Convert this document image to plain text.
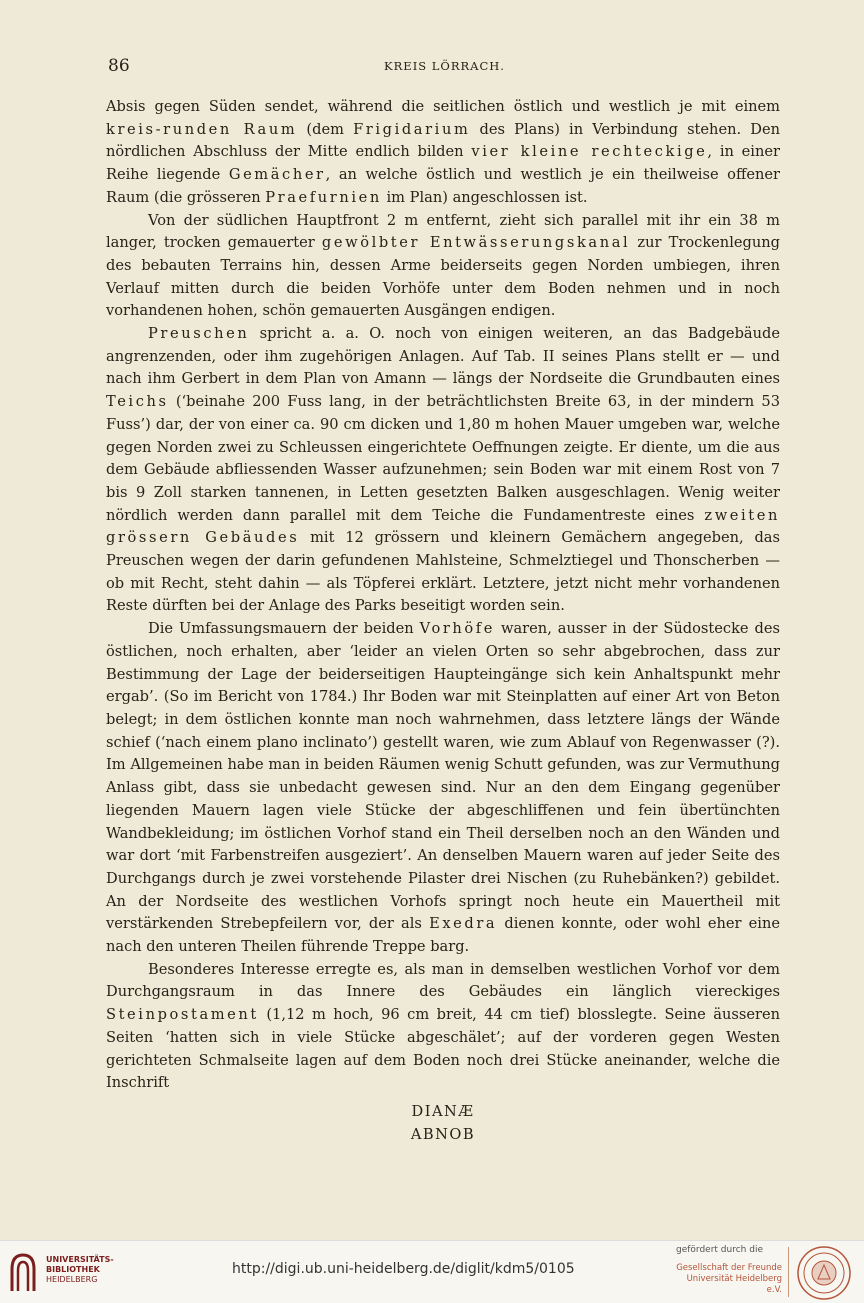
86	KREIS LÖRRACH.

Absis gegen Süden sendet, während die seitlichen östlich und westlich je mit einem kreis-runden Raum (dem Frigidarium des Plans) in Verbindung stehen. Den nördlichen Abschluss der Mitte endlich bilden vier kleine rechteckige, in einer Reihe liegende Gemächer, an welche östlich und westlich je ein theilweise offener Raum (die grösseren Praefurnien im Plan) angeschlossen ist.

Von der südlichen Hauptfront 2 m entfernt, zieht sich parallel mit ihr ein 38 m langer, trocken gemauerter gewölbter Entwässerungskanal zur Trockenlegung des bebauten Terrains hin, dessen Arme beiderseits gegen Norden umbiegen, ihren Verlauf mitten durch die beiden Vorhöfe unter dem Boden nehmen und in noch vorhandenen hohen, schön gemauerten Ausgängen endigen.

Preuschen spricht a. a. O. noch von einigen weiteren, an das Badgebäude angrenzenden, oder ihm zugehörigen Anlagen. Auf Tab. II seines Plans stellt er — und nach ihm Gerbert in dem Plan von Amann — längs der Nordseite die Grundbauten eines Teichs (‘beinahe 200 Fuss lang, in der beträchtlichsten Breite 63, in der mindern 53 Fuss’) dar, der von einer ca. 90 cm dicken und 1,80 m hohen Mauer umgeben war, welche gegen Norden zwei zu Schleussen eingerichtete Oeffnungen zeigte. Er diente, um die aus dem Gebäude abfliessenden Wasser aufzunehmen; sein Boden war mit einem Rost von 7 bis 9 Zoll starken tannenen, in Letten gesetzten Balken ausgeschlagen. Wenig weiter nördlich werden dann parallel mit dem Teiche die Fundamentreste eines zweiten grössern Gebäudes mit 12 grössern und kleinern Gemächern angegeben, das Preuschen wegen der darin gefundenen Mahlsteine, Schmelztiegel und Thonscherben — ob mit Recht, steht dahin — als Töpferei erklärt. Letztere, jetzt nicht mehr vorhandenen Reste dürften bei der Anlage des Parks beseitigt worden sein.

Die Umfassungsmauern der beiden Vorhöfe waren, ausser in der Südostecke des östlichen, noch erhalten, aber ‘leider an vielen Orten so sehr abgebrochen, dass zur Bestimmung der Lage der beiderseitigen Haupteingänge sich kein Anhaltspunkt mehr ergab’. (So im Bericht von 1784.) Ihr Boden war mit Steinplatten auf einer Art von Beton belegt; in dem östlichen konnte man noch wahrnehmen, dass letztere längs der Wände schief (‘nach einem plano inclinato’) gestellt waren, wie zum Ablauf von Regenwasser (?). Im Allgemeinen habe man in beiden Räumen wenig Schutt gefunden, was zur Vermuthung Anlass gibt, dass sie unbedacht gewesen sind. Nur an den dem Eingang gegenüber liegenden Mauern lagen viele Stücke der abgeschliffenen und fein übertünchten Wandbekleidung; im östlichen Vorhof stand ein Theil derselben noch an den Wänden und war dort ‘mit Farbenstreifen ausgeziert’. An denselben Mauern waren auf jeder Seite des Durchgangs durch je zwei vorstehende Pilaster drei Nischen (zu Ruhebänken?) gebildet. An der Nordseite des westlichen Vorhofs springt noch heute ein Mauertheil mit verstärkenden Strebepfeilern vor, der als Exedra dienen konnte, oder wohl eher eine nach den unteren Theilen führende Treppe barg.

Besonderes Interesse erregte es, als man in demselben westlichen Vorhof vor dem Durchgangsraum in das Innere des Gebäudes ein länglich viereckiges Steinpostament (1,12 m hoch, 96 cm breit, 44 cm tief) blosslegte. Seine äusseren Seiten ‘hatten sich in viele Stücke abgeschälet’; auf der vorderen gegen Westen gerichteten Schmalseite lagen auf dem Boden noch drei Stücke aneinander, welche die Inschrift

DIANÆ
ABNOB
UNIVERSITÄTS-
BIBLIOTHEK
HEIDELBERG
http://digi.ub.uni-heidelberg.de/diglit/kdm5/0105
gefördert durch die
Gesellschaft der Freunde
Universität Heidelberg e.V.
